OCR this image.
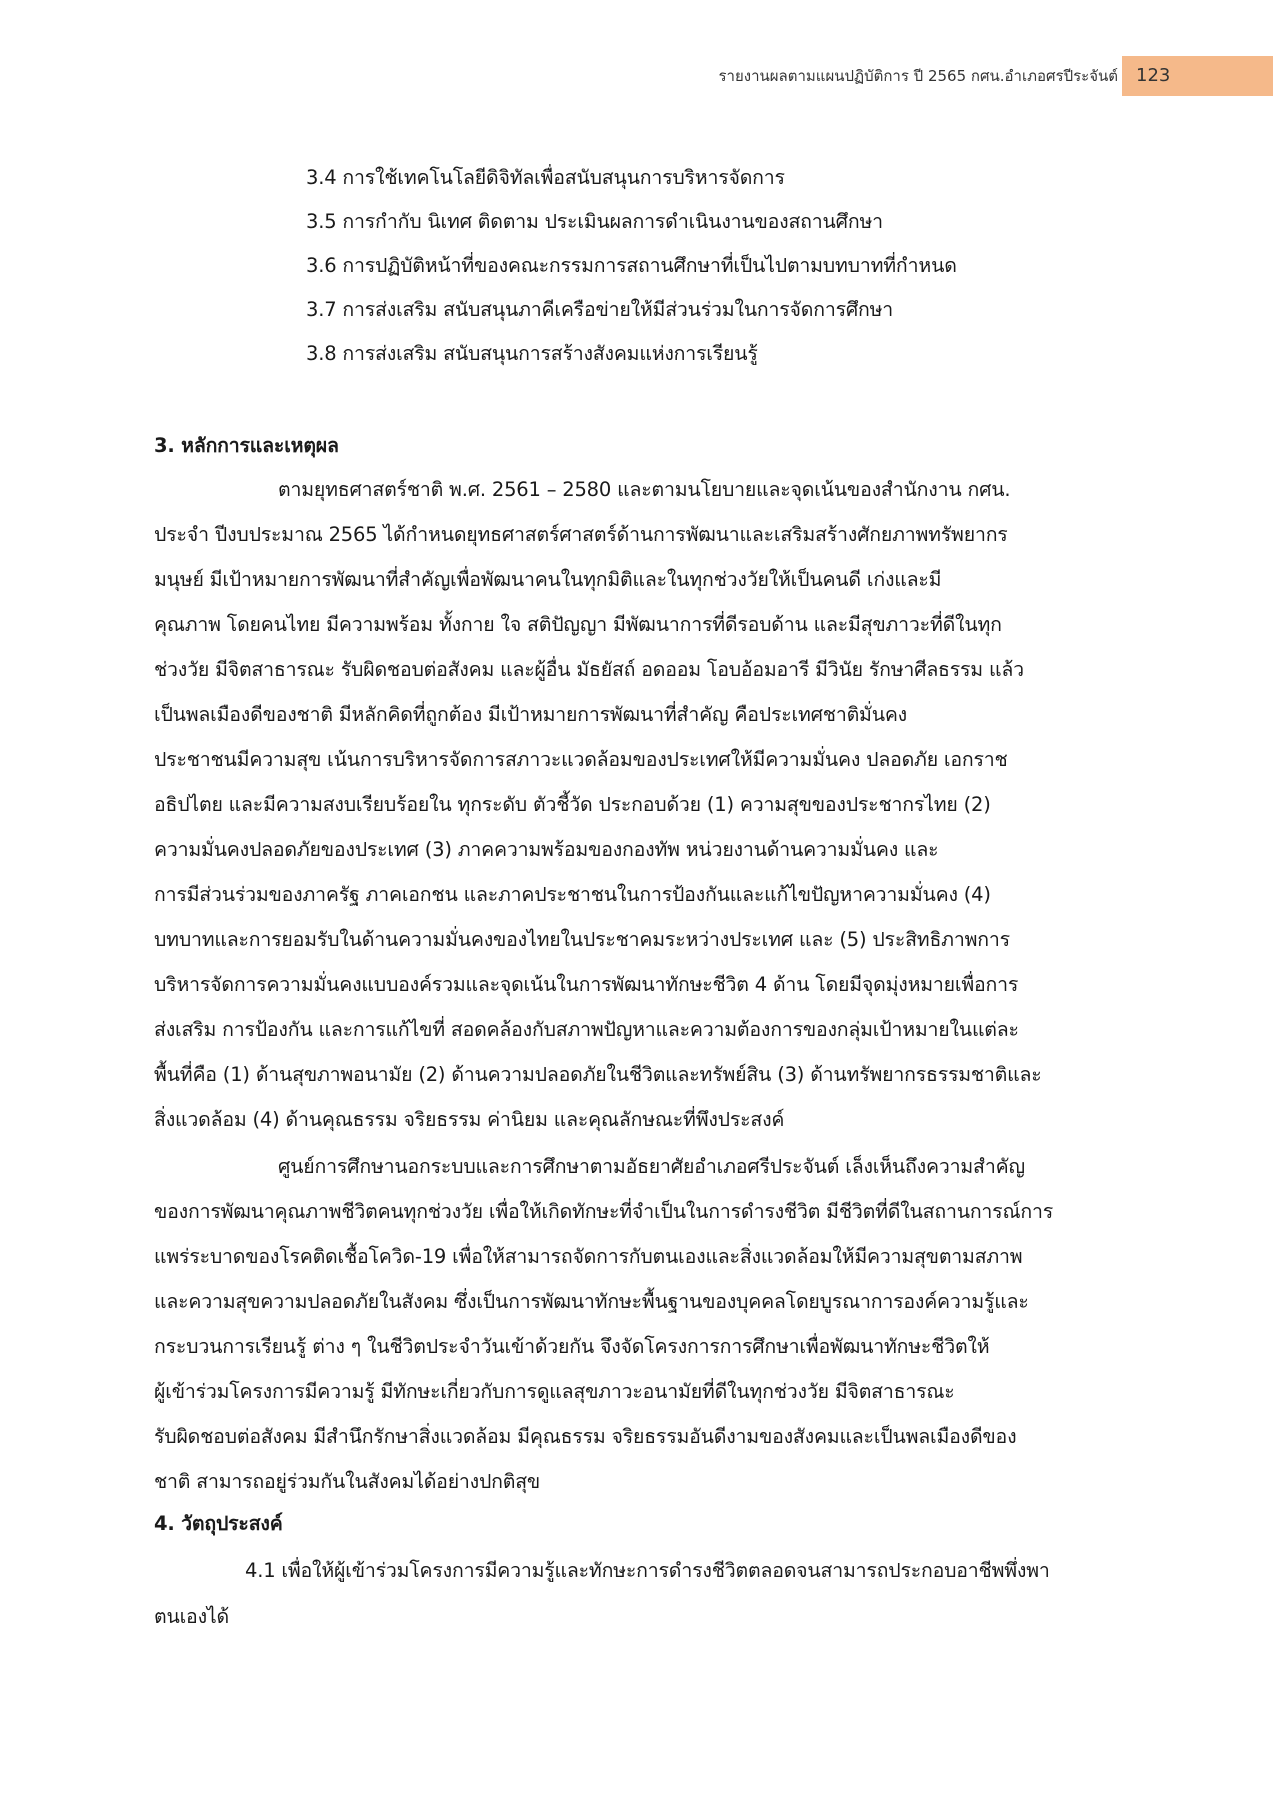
รายงานผลตามแผนปฏิบัติการ ปี 2565 กศน.อำเภอศรปีระจันต์	123
3.4 การใช้เทคโนโลยีดิจิทัลเพื่อสนับสนุนการบริหารจัดการ
3.5 การกำกับ นิเทศ ติดตาม ประเมินผลการดำเนินงานของสถานศึกษา
3.6 การปฏิบัติหน้าที่ของคณะกรรมการสถานศึกษาที่เป็นไปตามบทบาทที่กำหนด
3.7 การส่งเสริม สนับสนุนภาคีเครือข่ายให้มีส่วนร่วมในการจัดการศึกษา
3.8 การส่งเสริม สนับสนุนการสร้างสังคมแห่งการเรียนรู้
3. หลักการและเหตุผล
ตามยุทธศาสตร์ชาติ พ.ศ. 2561 – 2580 และตามนโยบายและจุดเน้นของสำนักงาน กศน.
ประจำ ปีงบประมาณ 2565 ได้กำหนดยุทธศาสตร์ศาสตร์ด้านการพัฒนาและเสริมสร้างศักยภาพทรัพยากร
มนุษย์ มีเป้าหมายการพัฒนาที่สำคัญเพื่อพัฒนาคนในทุกมิติและในทุกช่วงวัยให้เป็นคนดี เก่งและมี
คุณภาพ โดยคนไทย มีความพร้อม ทั้งกาย ใจ สติปัญญา มีพัฒนาการที่ดีรอบด้าน และมีสุขภาวะที่ดีในทุก
ช่วงวัย มีจิตสาธารณะ รับผิดชอบต่อสังคม และผู้อื่น มัธยัสถ์ อดออม โอบอ้อมอารี มีวินัย รักษาศีลธรรม แล้ว
เป็นพลเมืองดีของชาติ มีหลักคิดที่ถูกต้อง มีเป้าหมายการพัฒนาที่สำคัญ คือประเทศชาติมั่นคง
ประชาชนมีความสุข เน้นการบริหารจัดการสภาวะแวดล้อมของประเทศให้มีความมั่นคง ปลอดภัย เอกราช
อธิปไตย และมีความสงบเรียบร้อยใน ทุกระดับ ตัวชี้วัด ประกอบด้วย (1) ความสุขของประชากรไทย (2)
ความมั่นคงปลอดภัยของประเทศ (3) ภาคความพร้อมของกองทัพ หน่วยงานด้านความมั่นคง และ
การมีส่วนร่วมของภาครัฐ ภาคเอกชน และภาคประชาชนในการป้องกันและแก้ไขปัญหาความมั่นคง (4)
บทบาทและการยอมรับในด้านความมั่นคงของไทยในประชาคมระหว่างประเทศ และ (5) ประสิทธิภาพการ
บริหารจัดการความมั่นคงแบบองค์รวมและจุดเน้นในการพัฒนาทักษะชีวิต 4 ด้าน โดยมีจุดมุ่งหมายเพื่อการ
ส่งเสริม การป้องกัน และการแก้ไขที่ สอดคล้องกับสภาพปัญหาและความต้องการของกลุ่มเป้าหมายในแต่ละ
พื้นที่คือ (1) ด้านสุขภาพอนามัย (2) ด้านความปลอดภัยในชีวิตและทรัพย์สิน (3) ด้านทรัพยากรธรรมชาติและ
สิ่งแวดล้อม (4) ด้านคุณธรรม จริยธรรม ค่านิยม และคุณลักษณะที่พึงประสงค์
ศูนย์การศึกษานอกระบบและการศึกษาตามอัธยาศัยอำเภอศรีประจันต์ เล็งเห็นถึงความสำคัญ
ของการพัฒนาคุณภาพชีวิตคนทุกช่วงวัย เพื่อให้เกิดทักษะที่จำเป็นในการดำรงชีวิต มีชีวิตที่ดีในสถานการณ์การ
แพร่ระบาดของโรคติดเชื้อโควิด-19 เพื่อให้สามารถจัดการกับตนเองและสิ่งแวดล้อมให้มีความสุขตามสภาพ
และความสุขความปลอดภัยในสังคม ซึ่งเป็นการพัฒนาทักษะพื้นฐานของบุคคลโดยบูรณาการองค์ความรู้และ
กระบวนการเรียนรู้ ต่าง ๆ ในชีวิตประจำวันเข้าด้วยกัน จึงจัดโครงการการศึกษาเพื่อพัฒนาทักษะชีวิตให้
ผู้เข้าร่วมโครงการมีความรู้ มีทักษะเกี่ยวกับการดูแลสุขภาวะอนามัยที่ดีในทุกช่วงวัย มีจิตสาธารณะ
รับผิดชอบต่อสังคม มีสำนึกรักษาสิ่งแวดล้อม มีคุณธรรม จริยธรรมอันดีงามของสังคมและเป็นพลเมืองดีของ
ชาติ สามารถอยู่ร่วมกันในสังคมได้อย่างปกติสุข
4. วัตถุประสงค์
4.1 เพื่อให้ผู้เข้าร่วมโครงการมีความรู้และทักษะการดำรงชีวิตตลอดจนสามารถประกอบอาชีพพึ่งพา
ตนเองได้
